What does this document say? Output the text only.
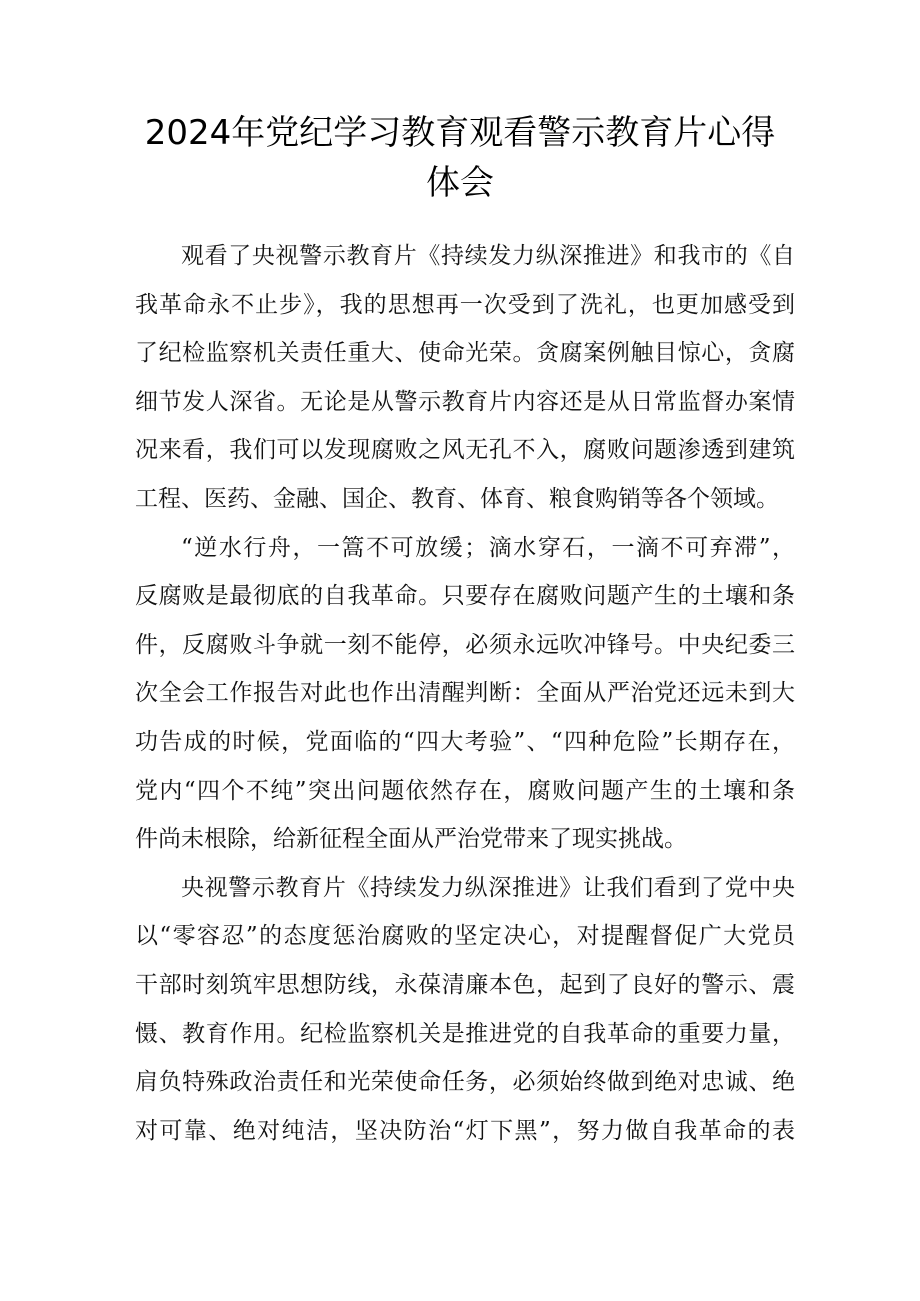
2024年党纪学习教育观看警示教育片心得
体会
观看了央视警示教育片《持续发力纵深推进》和我市的《自
我革命永不止步》，我的思想再一次受到了洗礼，也更加感受到
了纪检监察机关责任重大、使命光荣。贪腐案例触目惊心，贪腐
细节发人深省。无论是从警示教育片内容还是从日常监督办案情
况来看，我们可以发现腐败之风无孔不入，腐败问题渗透到建筑
工程、医药、金融、国企、教育、体育、粮食购销等各个领域。
“逆水行舟，一篙不可放缓；滴水穿石，一滴不可弃滞”，
反腐败是最彻底的自我革命。只要存在腐败问题产生的土壤和条
件，反腐败斗争就一刻不能停，必须永远吹冲锋号。中央纪委三
次全会工作报告对此也作出清醒判断：全面从严治党还远未到大
功告成的时候，党面临的“四大考验”、“四种危险”长期存在，
党内“四个不纯”突出问题依然存在，腐败问题产生的土壤和条
件尚未根除，给新征程全面从严治党带来了现实挑战。
央视警示教育片《持续发力纵深推进》让我们看到了党中央
以“零容忍”的态度惩治腐败的坚定决心，对提醒督促广大党员
干部时刻筑牢思想防线，永葆清廉本色，起到了良好的警示、震
慑、教育作用。纪检监察机关是推进党的自我革命的重要力量，
肩负特殊政治责任和光荣使命任务，必须始终做到绝对忠诚、绝
对可靠、绝对纯洁，坚决防治“灯下黑”，努力做自我革命的表
